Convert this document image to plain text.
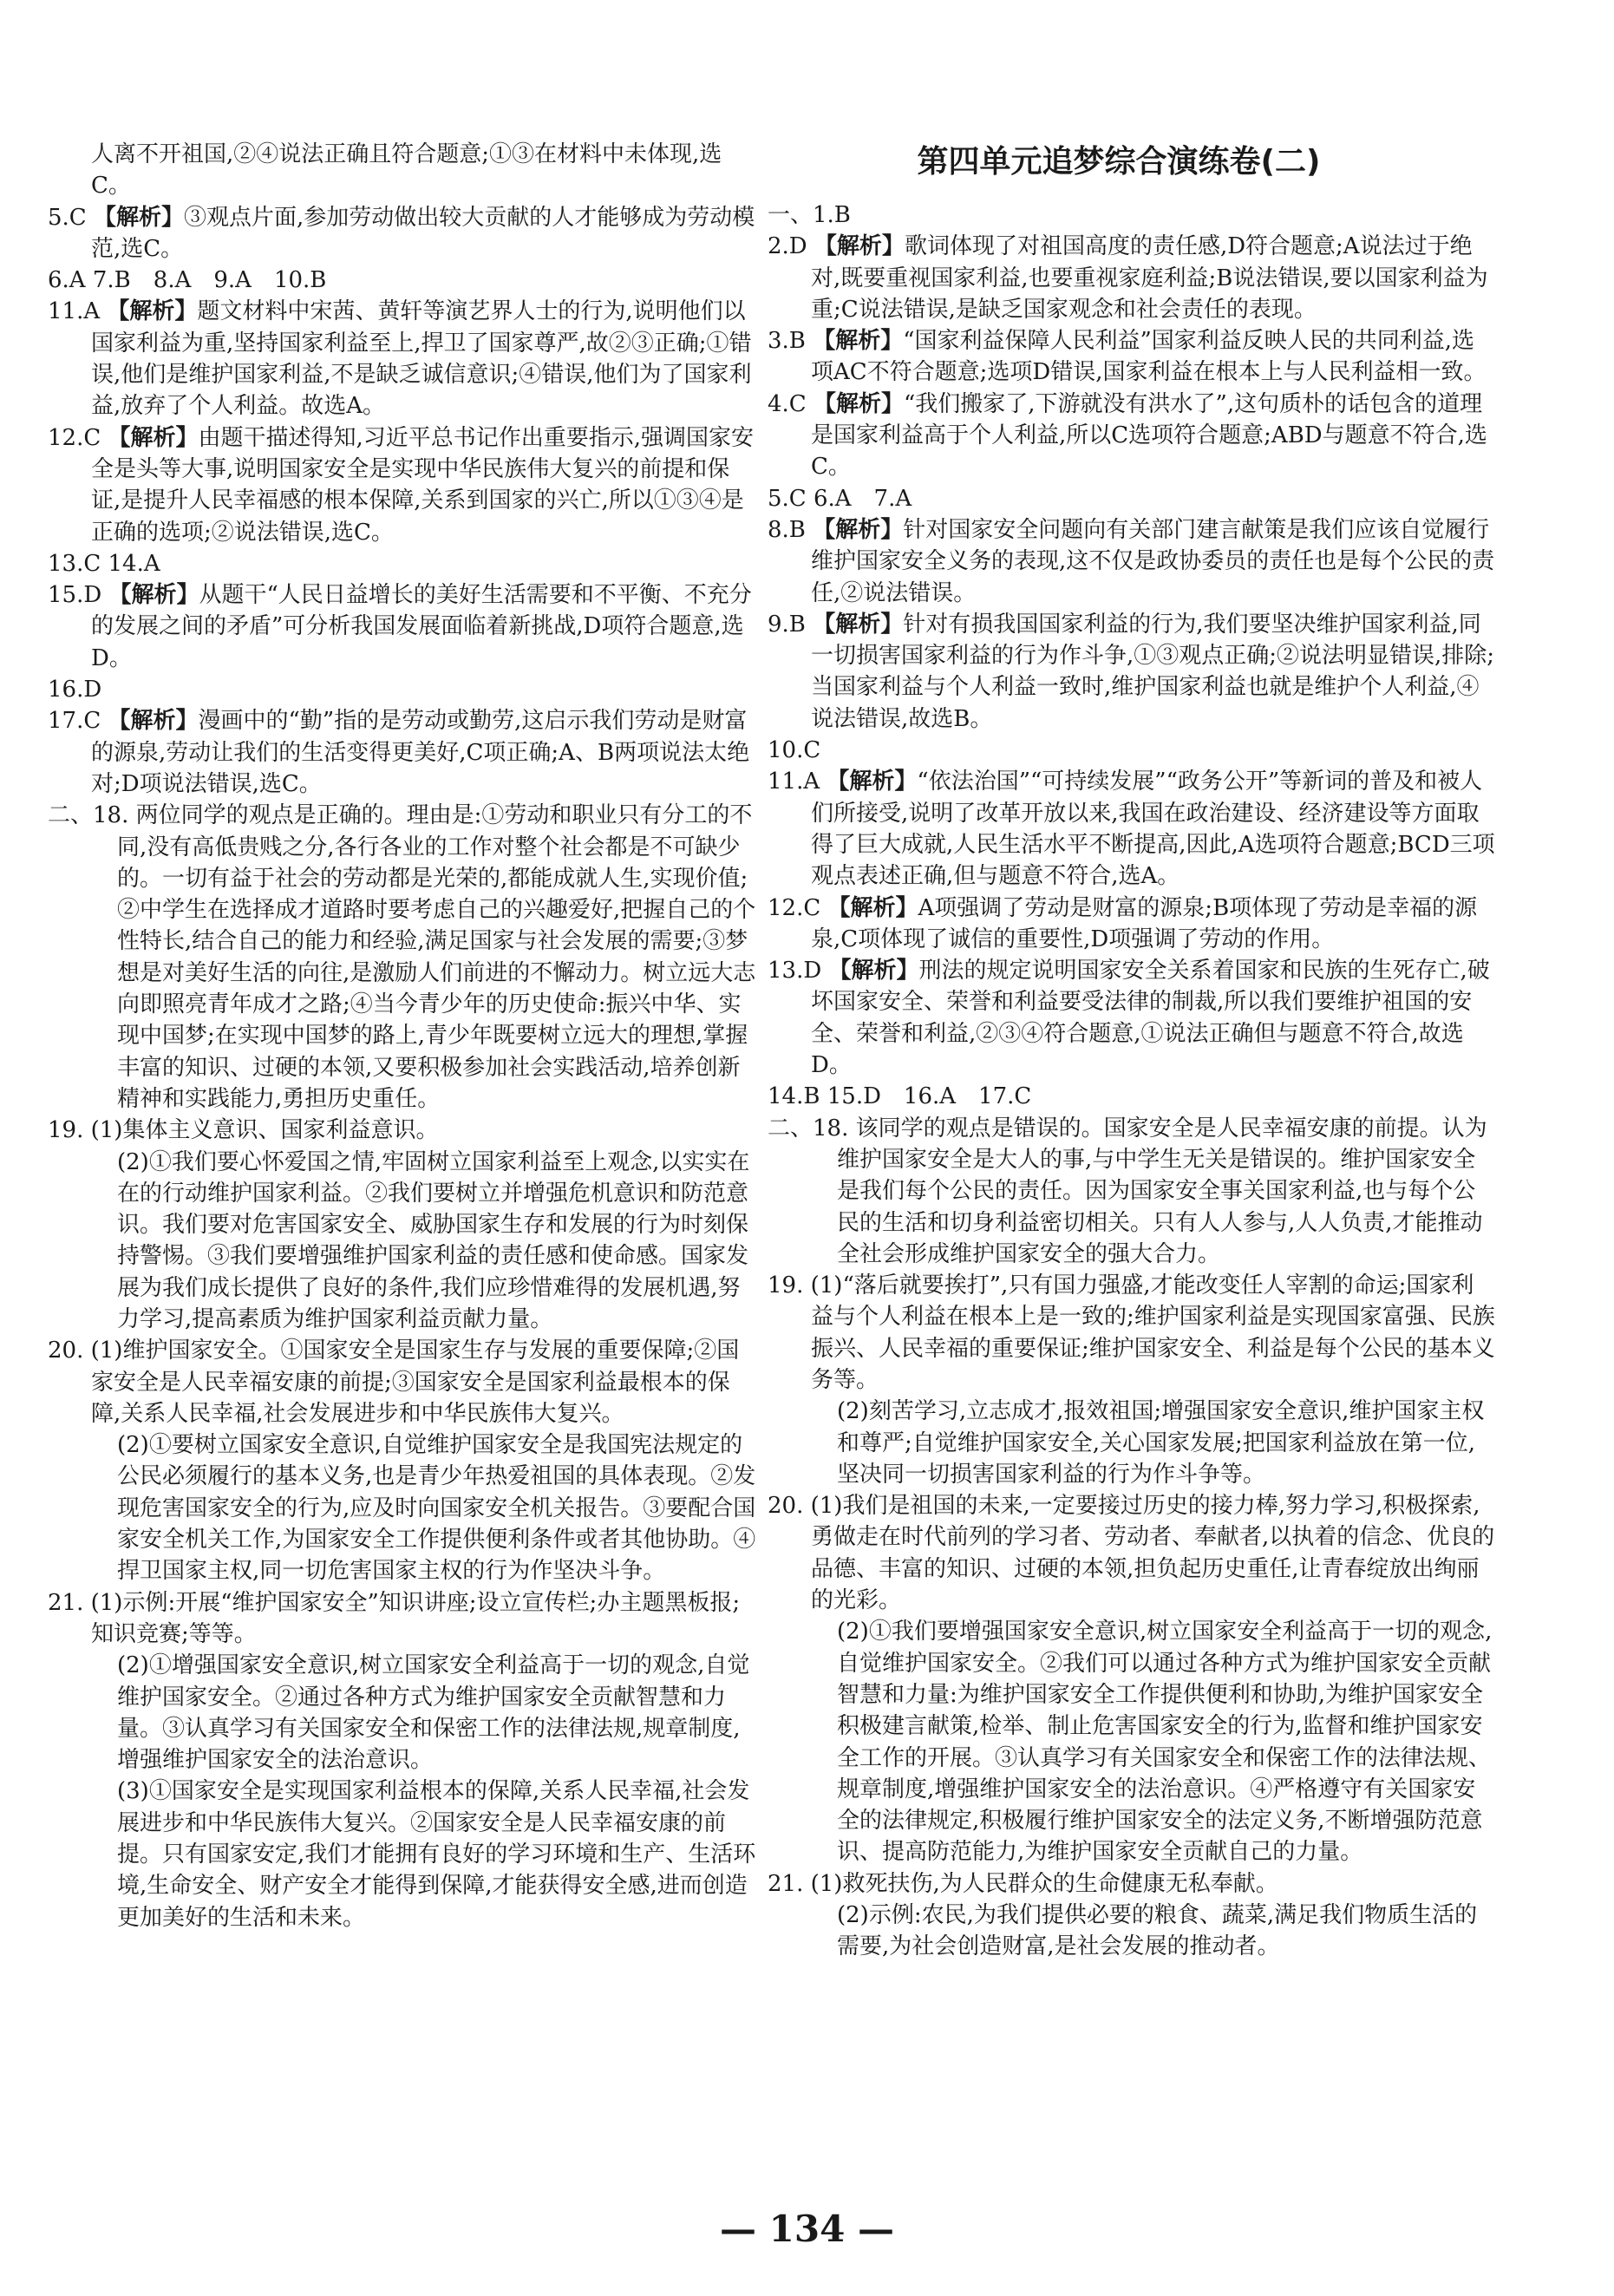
第四单元追梦综合演练卷(二)

人离不开祖国,②④说法正确且符合题意;①③在材料中未体现,选C。

5.C 【解析】③观点片面,参加劳动做出较大贡献的人才能够成为劳动模范,选C。

6.A 7.B　8.A　9.A　10.B

11.A 【解析】题文材料中宋茜、黄轩等演艺界人士的行为,说明他们以国家利益为重,坚持国家利益至上,捍卫了国家尊严,故②③正确;①错误,他们是维护国家利益,不是缺乏诚信意识;④错误,他们为了国家利益,放弃了个人利益。故选A。

12.C 【解析】由题干描述得知,习近平总书记作出重要指示,强调国家安全是头等大事,说明国家安全是实现中华民族伟大复兴的前提和保证,是提升人民幸福感的根本保障,关系到国家的兴亡,所以①③④是正确的选项;②说法错误,选C。

13.C 14.A

15.D 【解析】从题干“人民日益增长的美好生活需要和不平衡、不充分的发展之间的矛盾”可分析我国发展面临着新挑战,D项符合题意,选D。

16.D

17.C 【解析】漫画中的“勤”指的是劳动或勤劳,这启示我们劳动是财富的源泉,劳动让我们的生活变得更美好,C项正确;A、B两项说法太绝对;D项说法错误,选C。

二、18. 两位同学的观点是正确的。理由是:①劳动和职业只有分工的不同,没有高低贵贱之分,各行各业的工作对整个社会都是不可缺少的。一切有益于社会的劳动都是光荣的,都能成就人生,实现价值;②中学生在选择成才道路时要考虑自己的兴趣爱好,把握自己的个性特长,结合自己的能力和经验,满足国家与社会发展的需要;③梦想是对美好生活的向往,是激励人们前进的不懈动力。树立远大志向即照亮青年成才之路;④当今青少年的历史使命:振兴中华、实现中国梦;在实现中国梦的路上,青少年既要树立远大的理想,掌握丰富的知识、过硬的本领,又要积极参加社会实践活动,培养创新精神和实践能力,勇担历史重任。

19. (1)集体主义意识、国家利益意识。

(2)①我们要心怀爱国之情,牢固树立国家利益至上观念,以实实在在的行动维护国家利益。②我们要树立并增强危机意识和防范意识。我们要对危害国家安全、威胁国家生存和发展的行为时刻保持警惕。③我们要增强维护国家利益的责任感和使命感。国家发展为我们成长提供了良好的条件,我们应珍惜难得的发展机遇,努力学习,提高素质为维护国家利益贡献力量。

20. (1)维护国家安全。①国家安全是国家生存与发展的重要保障;②国家安全是人民幸福安康的前提;③国家安全是国家利益最根本的保障,关系人民幸福,社会发展进步和中华民族伟大复兴。

(2)①要树立国家安全意识,自觉维护国家安全是我国宪法规定的公民必须履行的基本义务,也是青少年热爱祖国的具体表现。②发现危害国家安全的行为,应及时向国家安全机关报告。③要配合国家安全机关工作,为国家安全工作提供便利条件或者其他协助。④捍卫国家主权,同一切危害国家主权的行为作坚决斗争。

21. (1)示例:开展“维护国家安全”知识讲座;设立宣传栏;办主题黑板报;知识竞赛;等等。

(2)①增强国家安全意识,树立国家安全利益高于一切的观念,自觉维护国家安全。②通过各种方式为维护国家安全贡献智慧和力量。③认真学习有关国家安全和保密工作的法律法规,规章制度,增强维护国家安全的法治意识。

(3)①国家安全是实现国家利益根本的保障,关系人民幸福,社会发展进步和中华民族伟大复兴。②国家安全是人民幸福安康的前提。只有国家安定,我们才能拥有良好的学习环境和生产、生活环境,生命安全、财产安全才能得到保障,才能获得安全感,进而创造更加美好的生活和未来。

一、1.B

2.D 【解析】歌词体现了对祖国高度的责任感,D符合题意;A说法过于绝对,既要重视国家利益,也要重视家庭利益;B说法错误,要以国家利益为重;C说法错误,是缺乏国家观念和社会责任的表现。

3.B 【解析】“国家利益保障人民利益”国家利益反映人民的共同利益,选项AC不符合题意;选项D错误,国家利益在根本上与人民利益相一致。

4.C 【解析】“我们搬家了,下游就没有洪水了”,这句质朴的话包含的道理是国家利益高于个人利益,所以C选项符合题意;ABD与题意不符合,选C。

5.C 6.A　7.A

8.B 【解析】针对国家安全问题向有关部门建言献策是我们应该自觉履行维护国家安全义务的表现,这不仅是政协委员的责任也是每个公民的责任,②说法错误。

9.B 【解析】针对有损我国国家利益的行为,我们要坚决维护国家利益,同一切损害国家利益的行为作斗争,①③观点正确;②说法明显错误,排除;当国家利益与个人利益一致时,维护国家利益也就是维护个人利益,④说法错误,故选B。

10.C

11.A 【解析】“依法治国”“可持续发展”“政务公开”等新词的普及和被人们所接受,说明了改革开放以来,我国在政治建设、经济建设等方面取得了巨大成就,人民生活水平不断提高,因此,A选项符合题意;BCD三项观点表述正确,但与题意不符合,选A。

12.C 【解析】A项强调了劳动是财富的源泉;B项体现了劳动是幸福的源泉,C项体现了诚信的重要性,D项强调了劳动的作用。

13.D 【解析】刑法的规定说明国家安全关系着国家和民族的生死存亡,破坏国家安全、荣誉和利益要受法律的制裁,所以我们要维护祖国的安全、荣誉和利益,②③④符合题意,①说法正确但与题意不符合,故选D。

14.B 15.D　16.A　17.C

二、18. 该同学的观点是错误的。国家安全是人民幸福安康的前提。认为维护国家安全是大人的事,与中学生无关是错误的。维护国家安全是我们每个公民的责任。因为国家安全事关国家利益,也与每个公民的生活和切身利益密切相关。只有人人参与,人人负责,才能推动全社会形成维护国家安全的强大合力。

19. (1)“落后就要挨打”,只有国力强盛,才能改变任人宰割的命运;国家利益与个人利益在根本上是一致的;维护国家利益是实现国家富强、民族振兴、人民幸福的重要保证;维护国家安全、利益是每个公民的基本义务等。

(2)刻苦学习,立志成才,报效祖国;增强国家安全意识,维护国家主权和尊严;自觉维护国家安全,关心国家发展;把国家利益放在第一位,坚决同一切损害国家利益的行为作斗争等。

20. (1)我们是祖国的未来,一定要接过历史的接力棒,努力学习,积极探索,勇做走在时代前列的学习者、劳动者、奉献者,以执着的信念、优良的品德、丰富的知识、过硬的本领,担负起历史重任,让青春绽放出绚丽的光彩。

(2)①我们要增强国家安全意识,树立国家安全利益高于一切的观念,自觉维护国家安全。②我们可以通过各种方式为维护国家安全贡献智慧和力量:为维护国家安全工作提供便利和协助,为维护国家安全积极建言献策,检举、制止危害国家安全的行为,监督和维护国家安全工作的开展。③认真学习有关国家安全和保密工作的法律法规、规章制度,增强维护国家安全的法治意识。④严格遵守有关国家安全的法律规定,积极履行维护国家安全的法定义务,不断增强防范意识、提高防范能力,为维护国家安全贡献自己的力量。

21. (1)救死扶伤,为人民群众的生命健康无私奉献。

(2)示例:农民,为我们提供必要的粮食、蔬菜,满足我们物质生活的需要,为社会创造财富,是社会发展的推动者。

— 134 —
